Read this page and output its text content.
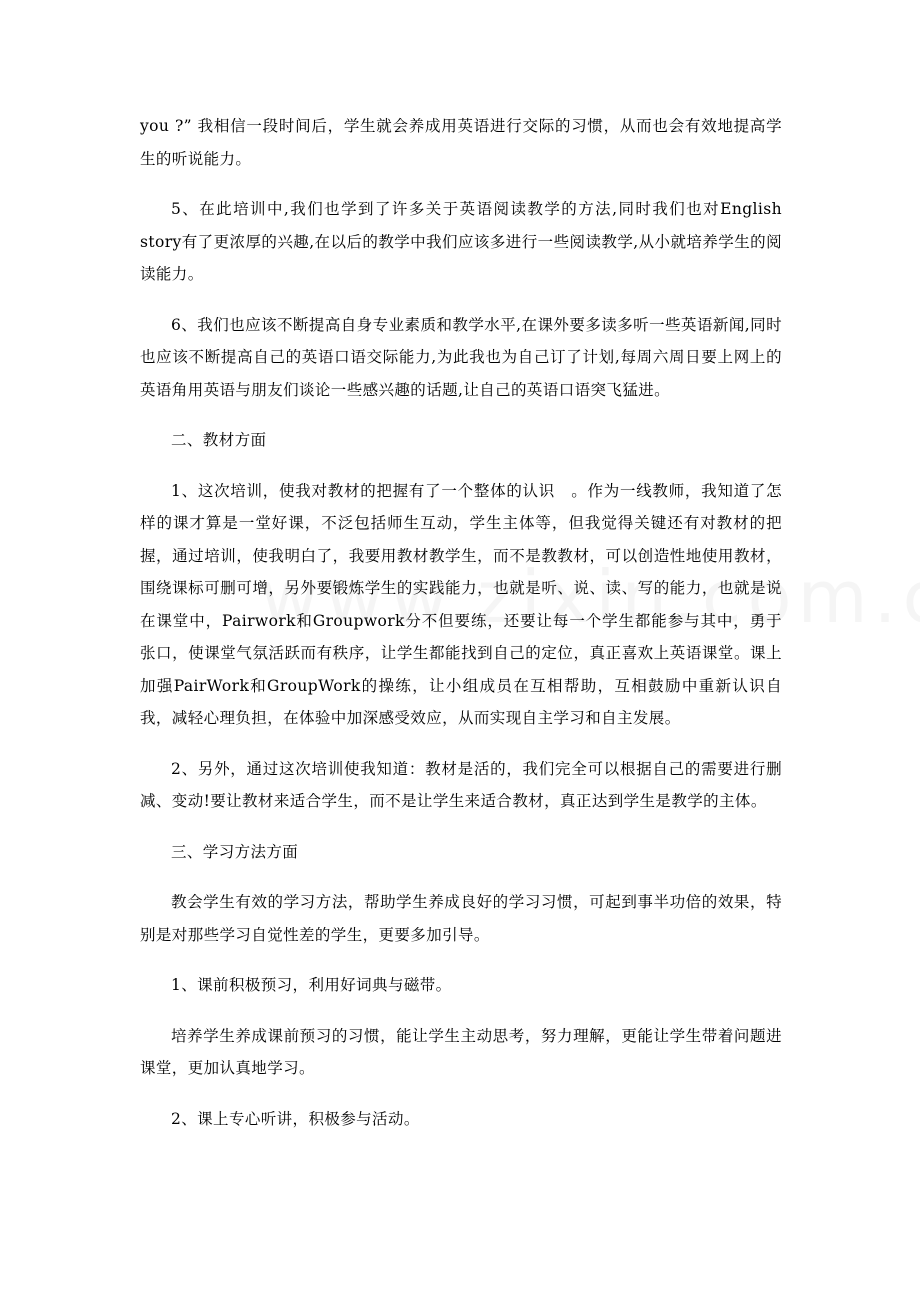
you ?” 我相信一段时间后，学生就会养成用英语进行交际的习惯，从而也会有效地提高学生的听说能力。

5、在此培训中,我们也学到了许多关于英语阅读教学的方法,同时我们也对English story有了更浓厚的兴趣,在以后的教学中我们应该多进行一些阅读教学,从小就培养学生的阅读能力。

6、我们也应该不断提高自身专业素质和教学水平,在课外要多读多听一些英语新闻,同时也应该不断提高自己的英语口语交际能力,为此我也为自己订了计划,每周六周日要上网上的英语角用英语与朋友们谈论一些感兴趣的话题,让自己的英语口语突飞猛进。

二、教材方面

1、这次培训，使我对教材的把握有了一个整体的认识　。作为一线教师，我知道了怎样的课才算是一堂好课，不泛包括师生互动，学生主体等，但我觉得关键还有对教材的把握，通过培训，使我明白了，我要用教材教学生，而不是教教材，可以创造性地使用教材，围绕课标可删可增，另外要锻炼学生的实践能力，也就是听、说、读、写的能力，也就是说在课堂中，Pairwork和Groupwork分不但要练，还要让每一个学生都能参与其中，勇于张口，使课堂气氛活跃而有秩序，让学生都能找到自己的定位，真正喜欢上英语课堂。课上加强PairWork和GroupWork的操练，让小组成员在互相帮助，互相鼓励中重新认识自我，减轻心理负担，在体验中加深感受效应，从而实现自主学习和自主发展。

2、另外，通过这次培训使我知道：教材是活的，我们完全可以根据自己的需要进行删减、变动!要让教材来适合学生，而不是让学生来适合教材，真正达到学生是教学的主体。

三、学习方法方面

教会学生有效的学习方法，帮助学生养成良好的学习习惯，可起到事半功倍的效果，特别是对那些学习自觉性差的学生，更要多加引导。

1、课前积极预习，利用好词典与磁带。

培养学生养成课前预习的习惯，能让学生主动思考，努力理解，更能让学生带着问题进课堂，更加认真地学习。

2、课上专心听讲，积极参与活动。
